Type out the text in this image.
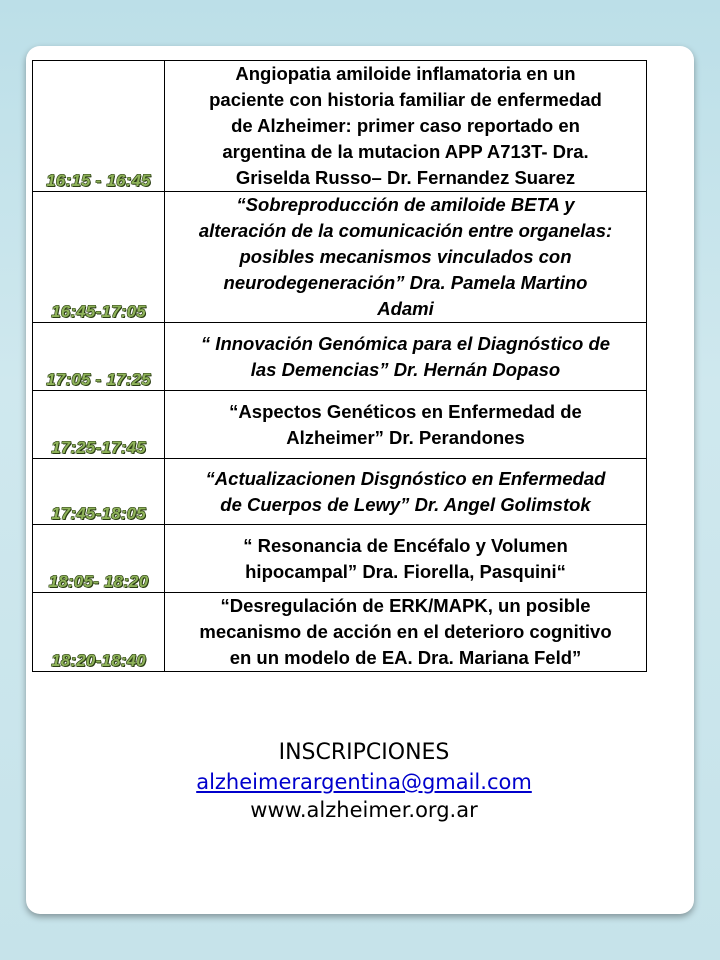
16:15 - 16:45	Angiopatia amiloide inflamatoria en un
paciente con historia familiar de enfermedad
de Alzheimer: primer caso reportado en
argentina de la mutacion APP A713T- Dra.
Griselda Russo– Dr. Fernandez Suarez

16:45-17:05	“Sobreproducción de amiloide BETA y
alteración de la comunicación entre organelas:
posibles mecanismos vinculados con
neurodegeneración” Dra. Pamela Martino
Adami

17:05 - 17:25	“ Innovación Genómica para el Diagnóstico de
las Demencias” Dr. Hernán Dopaso

17:25-17:45	“Aspectos Genéticos en Enfermedad de
Alzheimer” Dr. Perandones

17:45-18:05	“Actualizacionen Disgnóstico en Enfermedad
de Cuerpos de Lewy” Dr. Angel Golimstok

18:05- 18:20	“ Resonancia de Encéfalo y Volumen
hipocampal” Dra. Fiorella, Pasquini“

18:20-18:40	“Desregulación de ERK/MAPK, un posible
mecanismo de acción en el deterioro cognitivo
en un modelo de EA. Dra. Mariana Feld”
INSCRIPCIONES
alzheimerargentina@gmail.com
www.alzheimer.org.ar
